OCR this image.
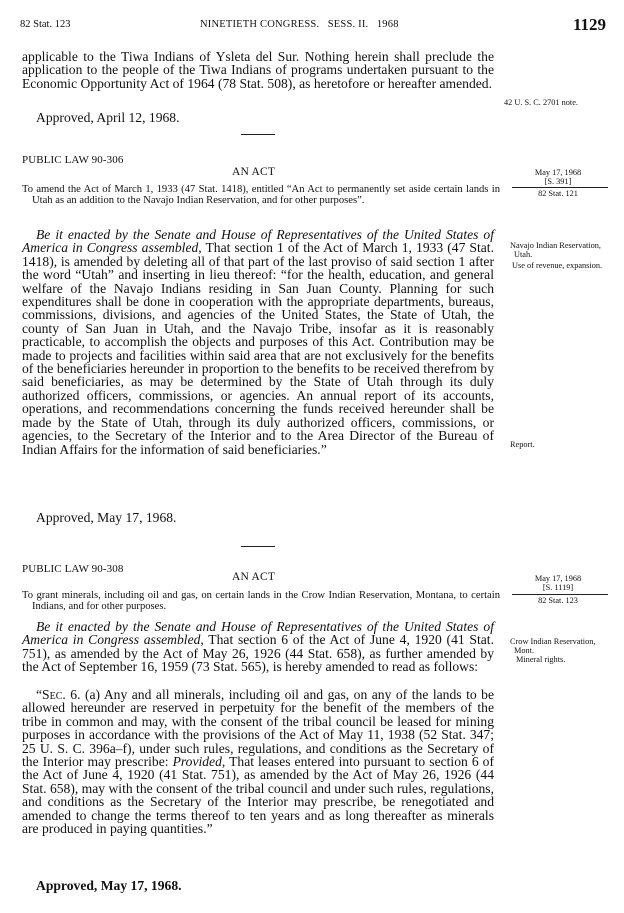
82 Stat. 123	NINETIETH CONGRESS.   SESS. II.   1968	1129

applicable to the Tiwa Indians of Ysleta del Sur. Nothing herein shall preclude the application to the people of the Tiwa Indians of programs undertaken pursuant to the Economic Opportunity Act of 1964 (78 Stat. 508), as heretofore or hereafter amended.

42 U. S. C. 2701 note.
Approved, April 12, 1968.
PUBLIC LAW 90-306
AN ACT

To amend the Act of March 1, 1933 (47 Stat. 1418), entitled “An Act to permanently set aside certain lands in Utah as an addition to the Navajo Indian Reservation, and for other purposes”.

May 17, 1968
[S. 391]
82 Stat. 121

Be it enacted by the Senate and House of Representatives of the United States of America in Congress assembled, That section 1 of the Act of March 1, 1933 (47 Stat. 1418), is amended by deleting all of that part of the last proviso of said section 1 after the word “Utah” and inserting in lieu thereof: “for the health, education, and general welfare of the Navajo Indians residing in San Juan County. Planning for such expenditures shall be done in cooperation with the appropriate departments, bureaus, commissions, divisions, and agencies of the United States, the State of Utah, the county of San Juan in Utah, and the Navajo Tribe, insofar as it is reasonably practicable, to accomplish the objects and purposes of this Act. Contribution may be made to projects and facilities within said area that are not exclusively for the benefits of the beneficiaries hereunder in proportion to the benefits to be received therefrom by said beneficiaries, as may be determined by the State of Utah through its duly authorized officers, commissions, or agencies. An annual report of its accounts, operations, and recommendations concerning the funds received hereunder shall be made by the State of Utah, through its duly authorized officers, commissions, or agencies, to the Secretary of the Interior and to the Area Director of the Bureau of Indian Affairs for the information of said beneficiaries.”

Navajo Indian Reservation, Utah.
Use of revenue, expansion.
Report.
Approved, May 17, 1968.
PUBLIC LAW 90-308
AN ACT

To grant minerals, including oil and gas, on certain lands in the Crow Indian Reservation, Montana, to certain Indians, and for other purposes.

May 17, 1968
[S. 1119]
82 Stat. 123

Be it enacted by the Senate and House of Representatives of the United States of America in Congress assembled, That section 6 of the Act of June 4, 1920 (41 Stat. 751), as amended by the Act of May 26, 1926 (44 Stat. 658), as further amended by the Act of September 16, 1959 (73 Stat. 565), is hereby amended to read as follows:

“Sec. 6. (a) Any and all minerals, including oil and gas, on any of the lands to be allowed hereunder are reserved in perpetuity for the benefit of the members of the tribe in common and may, with the consent of the tribal council be leased for mining purposes in accordance with the provisions of the Act of May 11, 1938 (52 Stat. 347; 25 U. S. C. 396a–f), under such rules, regulations, and conditions as the Secretary of the Interior may prescribe: Provided, That leases entered into pursuant to section 6 of the Act of June 4, 1920 (41 Stat. 751), as amended by the Act of May 26, 1926 (44 Stat. 658), may with the consent of the tribal council and under such rules, regulations, and conditions as the Secretary of the Interior may prescribe, be renegotiated and amended to change the terms thereof to ten years and as long thereafter as minerals are produced in paying quantities.”

Crow Indian Reservation, Mont.
Mineral rights.
Approved, May 17, 1968.
